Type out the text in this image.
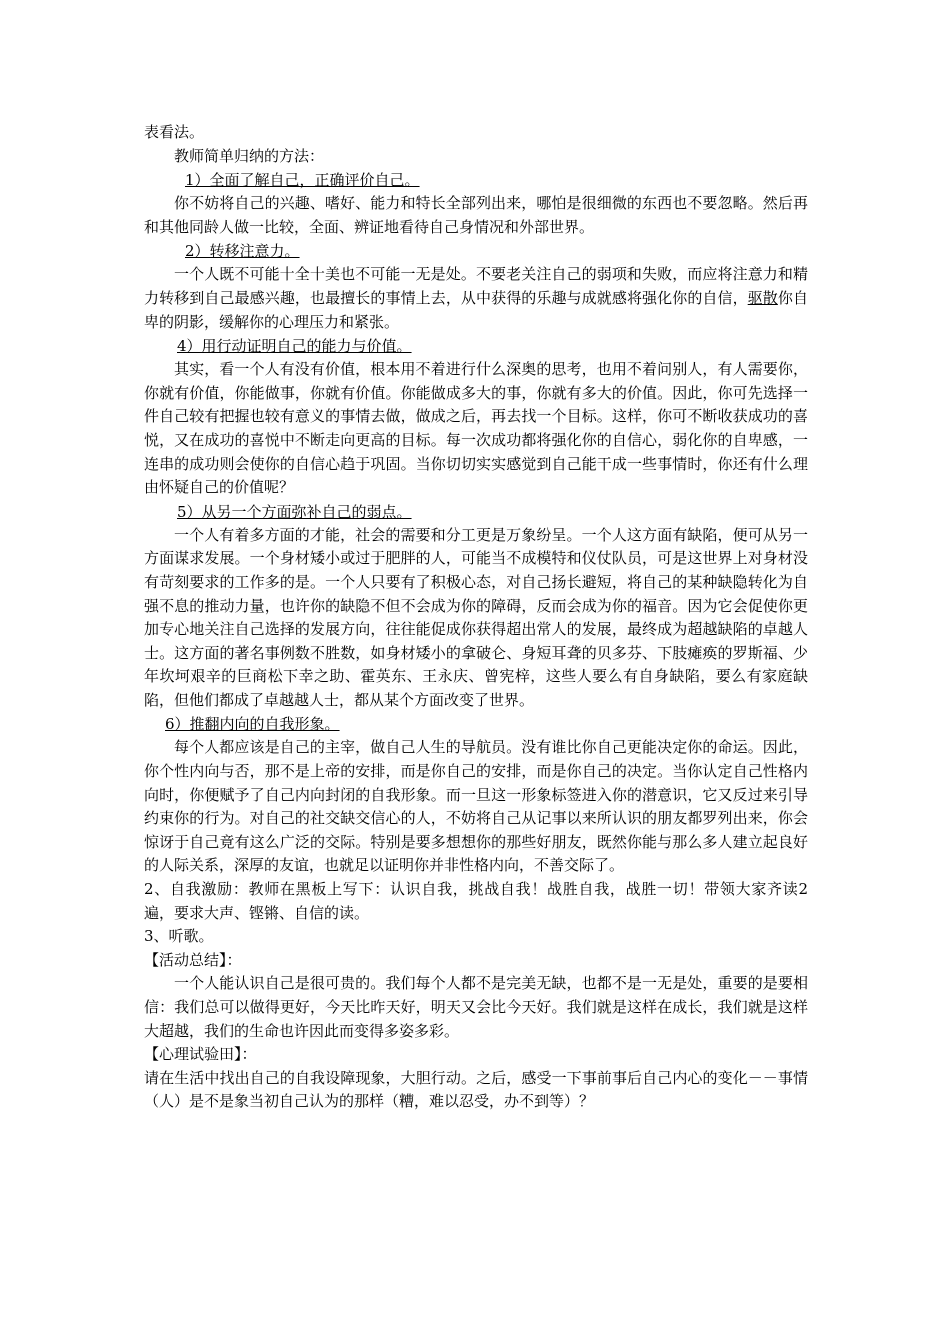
表看法。

教师简单归纳的方法：

1）全面了解自己，正确评价自己。

你不妨将自己的兴趣、嗜好、能力和特长全部列出来，哪怕是很细微的东西也不要忽略。然后再和其他同龄人做一比较，全面、辨证地看待自己身情况和外部世界。

2）转移注意力。

一个人既不可能十全十美也不可能一无是处。不要老关注自己的弱项和失败，而应将注意力和精力转移到自己最感兴趣，也最擅长的事情上去，从中获得的乐趣与成就感将强化你的自信，驱散你自卑的阴影，缓解你的心理压力和紧张。

4）用行动证明自己的能力与价值。

其实，看一个人有没有价值，根本用不着进行什么深奥的思考，也用不着问别人，有人需要你，你就有价值，你能做事，你就有价值。你能做成多大的事，你就有多大的价值。因此，你可先选择一件自己较有把握也较有意义的事情去做，做成之后，再去找一个目标。这样，你可不断收获成功的喜悦，又在成功的喜悦中不断走向更高的目标。每一次成功都将强化你的自信心，弱化你的自卑感，一连串的成功则会使你的自信心趋于巩固。当你切切实实感觉到自己能干成一些事情时，你还有什么理由怀疑自己的价值呢？

5）从另一个方面弥补自己的弱点。

一个人有着多方面的才能，社会的需要和分工更是万象纷呈。一个人这方面有缺陷，便可从另一方面谋求发展。一个身材矮小或过于肥胖的人，可能当不成模特和仪仗队员，可是这世界上对身材没有苛刻要求的工作多的是。一个人只要有了积极心态，对自己扬长避短，将自己的某种缺隐转化为自强不息的推动力量，也许你的缺隐不但不会成为你的障碍，反而会成为你的福音。因为它会促使你更加专心地关注自己选择的发展方向，往往能促成你获得超出常人的发展，最终成为超越缺陷的卓越人士。这方面的著名事例数不胜数，如身材矮小的拿破仑、身短耳聋的贝多芬、下肢瘫痪的罗斯福、少年坎坷艰辛的巨商松下幸之助、霍英东、王永庆、曾宪梓，这些人要么有自身缺陷，要么有家庭缺陷，但他们都成了卓越越人士，都从某个方面改变了世界。

6）推翻内向的自我形象。

每个人都应该是自己的主宰，做自己人生的导航员。没有谁比你自己更能决定你的命运。因此，你个性内向与否，那不是上帝的安排，而是你自己的安排，而是你自己的决定。当你认定自己性格内向时，你便赋予了自己内向封闭的自我形象。而一旦这一形象标签进入你的潜意识，它又反过来引导约束你的行为。对自己的社交缺交信心的人，不妨将自己从记事以来所认识的朋友都罗列出来，你会惊讶于自己竟有这么广泛的交际。特别是要多想想你的那些好朋友，既然你能与那么多人建立起良好的人际关系，深厚的友谊，也就足以证明你并非性格内向，不善交际了。

2、自我激励：教师在黑板上写下：认识自我，挑战自我！战胜自我，战胜一切！带领大家齐读2遍，要求大声、铿锵、自信的读。

3、听歌。

【活动总结】：

一个人能认识自己是很可贵的。我们每个人都不是完美无缺，也都不是一无是处，重要的是要相信：我们总可以做得更好，今天比昨天好，明天又会比今天好。我们就是这样在成长，我们就是这样大超越，我们的生命也许因此而变得多姿多彩。

【心理试验田】：

请在生活中找出自己的自我设障现象，大胆行动。之后，感受一下事前事后自己内心的变化－－事情（人）是不是象当初自己认为的那样（糟，难以忍受，办不到等）？
